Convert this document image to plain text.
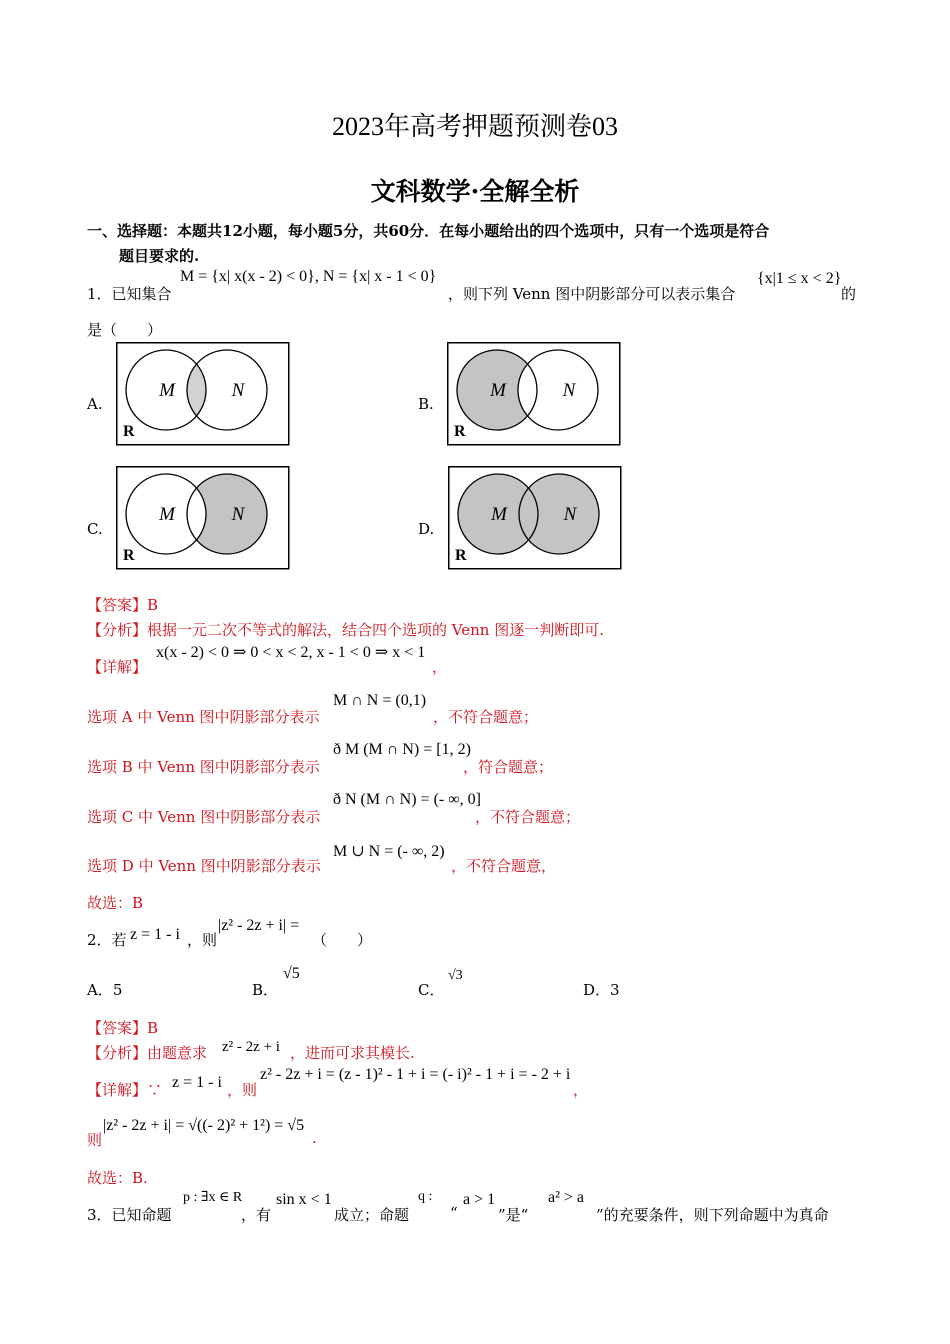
2023年高考押题预测卷03
文科数学·全解全析
一、选择题：本题共12小题，每小题5分，共60分．在每小题给出的四个选项中，只有一个选项是符合
题目要求的.
1．已知集合
M = {x| x(x - 2) < 0}, N = {x| x - 1 < 0}
，则下列 Venn 图中阴影部分可以表示集合
{x|1 ≤ x < 2}
的
是（　　）
A.
M	N
R
B.
M	N
R
C.
M	N
R
D.
M	N
R
【答案】B
【分析】根据一元二次不等式的解法，结合四个选项的 Venn 图逐一判断即可.
【详解】
x(x - 2) < 0 ⇒ 0 < x < 2, x - 1 < 0 ⇒ x < 1
，
选项 A 中 Venn 图中阴影部分表示
M ∩ N = (0,1)
，不符合题意；
选项 B 中 Venn 图中阴影部分表示
ð M (M ∩ N) = [1, 2)
，符合题意；
选项 C 中 Venn 图中阴影部分表示
ð N (M ∩ N) = (- ∞, 0]
，不符合题意；
选项 D 中 Venn 图中阴影部分表示
M ∪ N = (- ∞, 2)
，不符合题意，
故选：B
2．若 z = 1 - i ，则
|z² - 2z + i| =
（　　）
A．5	B．
√5
C．
√3
D．3
【答案】B
【分析】由题意求 z² - 2z + i ，进而可求其模长.
【详解】∵ z = 1 - i ，则
z² - 2z + i = (z - 1)² - 1 + i = (- i)² - 1 + i = - 2 + i
，
则
|z² - 2z + i| = √((- 2)² + 1²) = √5
.
故选：B.
3．已知命题
p : ∃x ∈ R
，有
sin x < 1
成立；命题
q :
“
a > 1
”是“
a² > a
”的充要条件，则下列命题中为真命
